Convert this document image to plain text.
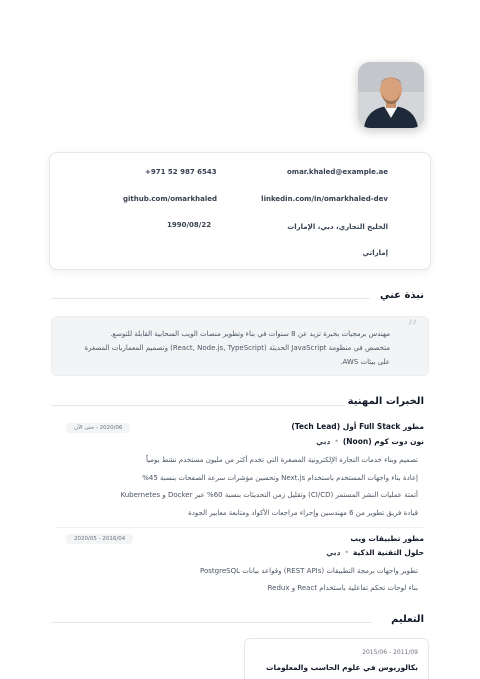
omar.khaled@example.ae
+971 52 987 6543
linkedin.com/in/omarkhaled-dev
github.com/omarkhaled
الخليج التجاري، دبي، الإمارات
1990/08/22
إماراتي
نبذة عني
”
مهندس برمجيات بخبرة تزيد عن 8 سنوات في بناء وتطوير منصات الويب السحابية القابلة للتوسع.
متخصص في منظومة JavaScript الحديثة (React, Node.js, TypeScript) وتصميم المعماريات المصغرة
على بيئات AWS.
الخبرات المهنية
مطور Full Stack أول (Tech Lead)
2020/06 - حتى الآن
نون دوت كوم (Noon)•دبي
تصميم وبناء خدمات التجارة الإلكترونية المصغرة التي تخدم أكثر من مليون مستخدم نشط يومياً
إعادة بناء واجهات المستخدم باستخدام Next.js وتحسين مؤشرات سرعة الصفحات بنسبة 45%
أتمتة عمليات النشر المستمر (CI/CD) وتقليل زمن التحديثات بنسبة 60% عبر Docker و Kubernetes
قيادة فريق تطوير من 6 مهندسين وإجراء مراجعات الأكواد ومتابعة معايير الجودة
مطور تطبيقات ويب
2016/04 - 2020/05
حلول التقنية الذكية•دبي
تطوير واجهات برمجة التطبيقات (REST APIs) وقواعد بيانات PostgreSQL
بناء لوحات تحكم تفاعلية باستخدام React و Redux
التعليم
2011/09 - 2015/06
بكالوريوس في علوم الحاسب والمعلومات
